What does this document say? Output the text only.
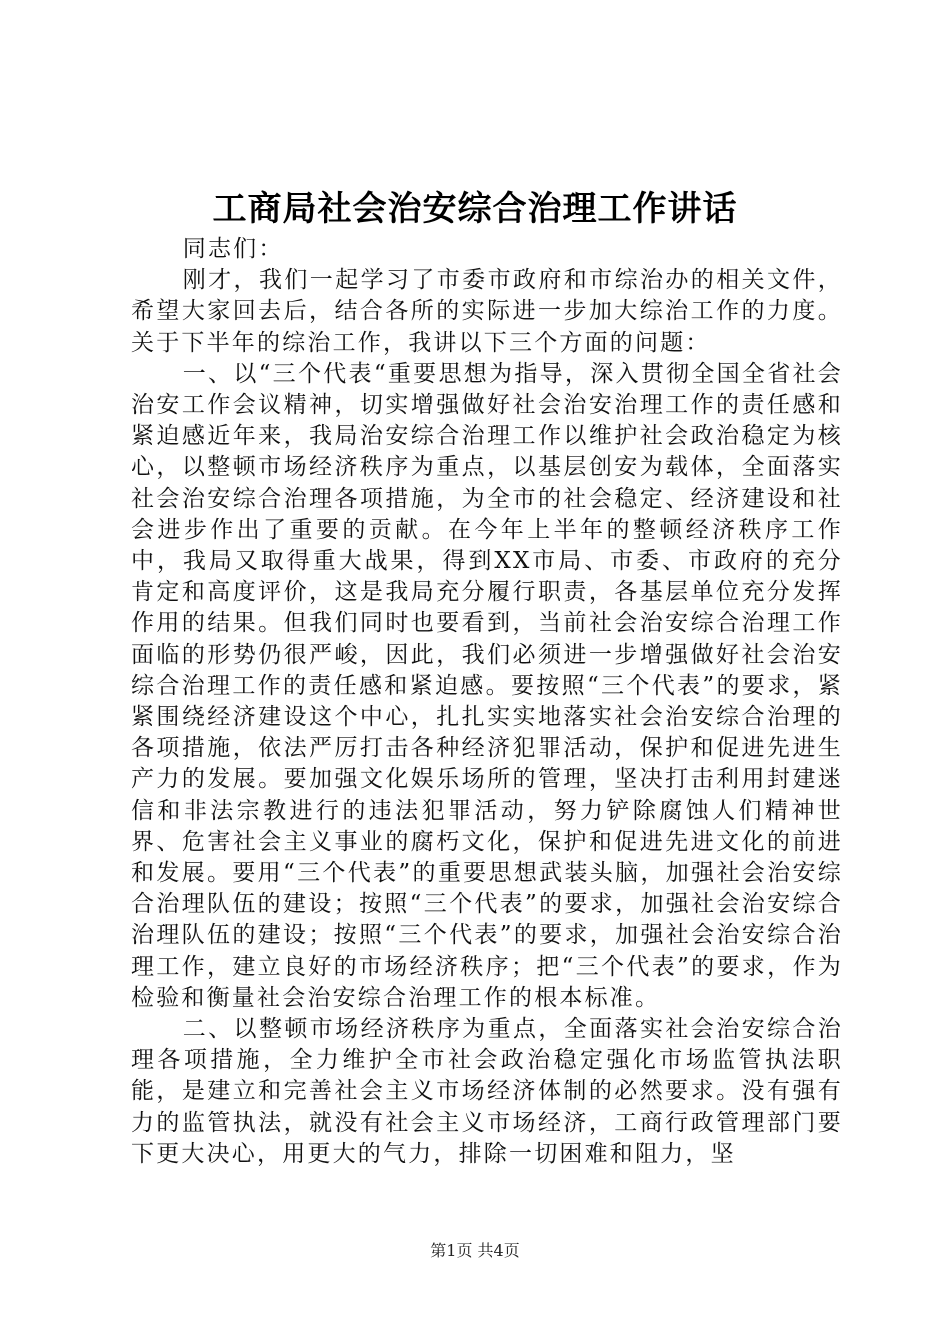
工商局社会治安综合治理工作讲话

同志们：

刚才，我们一起学习了市委市政府和市综治办的相关文件，希望大家回去后，结合各所的实际进一步加大综治工作的力度。关于下半年的综治工作，我讲以下三个方面的问题：

一、以“三个代表“重要思想为指导，深入贯彻全国全省社会治安工作会议精神，切实增强做好社会治安治理工作的责任感和紧迫感近年来，我局治安综合治理工作以维护社会政治稳定为核心，以整顿市场经济秩序为重点，以基层创安为载体，全面落实社会治安综合治理各项措施，为全市的社会稳定、经济建设和社会进步作出了重要的贡献。在今年上半年的整顿经济秩序工作中，我局又取得重大战果，得到XX市局、市委、市政府的充分肯定和高度评价，这是我局充分履行职责，各基层单位充分发挥作用的结果。但我们同时也要看到，当前社会治安综合治理工作面临的形势仍很严峻，因此，我们必须进一步增强做好社会治安综合治理工作的责任感和紧迫感。要按照“三个代表”的要求，紧紧围绕经济建设这个中心，扎扎实实地落实社会治安综合治理的各项措施，依法严厉打击各种经济犯罪活动，保护和促进先进生产力的发展。要加强文化娱乐场所的管理，坚决打击利用封建迷信和非法宗教进行的违法犯罪活动，努力铲除腐蚀人们精神世界、危害社会主义事业的腐朽文化，保护和促进先进文化的前进和发展。要用“三个代表”的重要思想武装头脑，加强社会治安综合治理队伍的建设；按照“三个代表”的要求，加强社会治安综合治理队伍的建设；按照“三个代表”的要求，加强社会治安综合治理工作，建立良好的市场经济秩序；把“三个代表”的要求，作为检验和衡量社会治安综合治理工作的根本标准。

二、以整顿市场经济秩序为重点，全面落实社会治安综合治理各项措施，全力维护全市社会政治稳定强化市场监管执法职能，是建立和完善社会主义市场经济体制的必然要求。没有强有力的监管执法，就没有社会主义市场经济，工商行政管理部门要下更大决心，用更大的气力，排除一切困难和阻力，坚

第1页 共4页
